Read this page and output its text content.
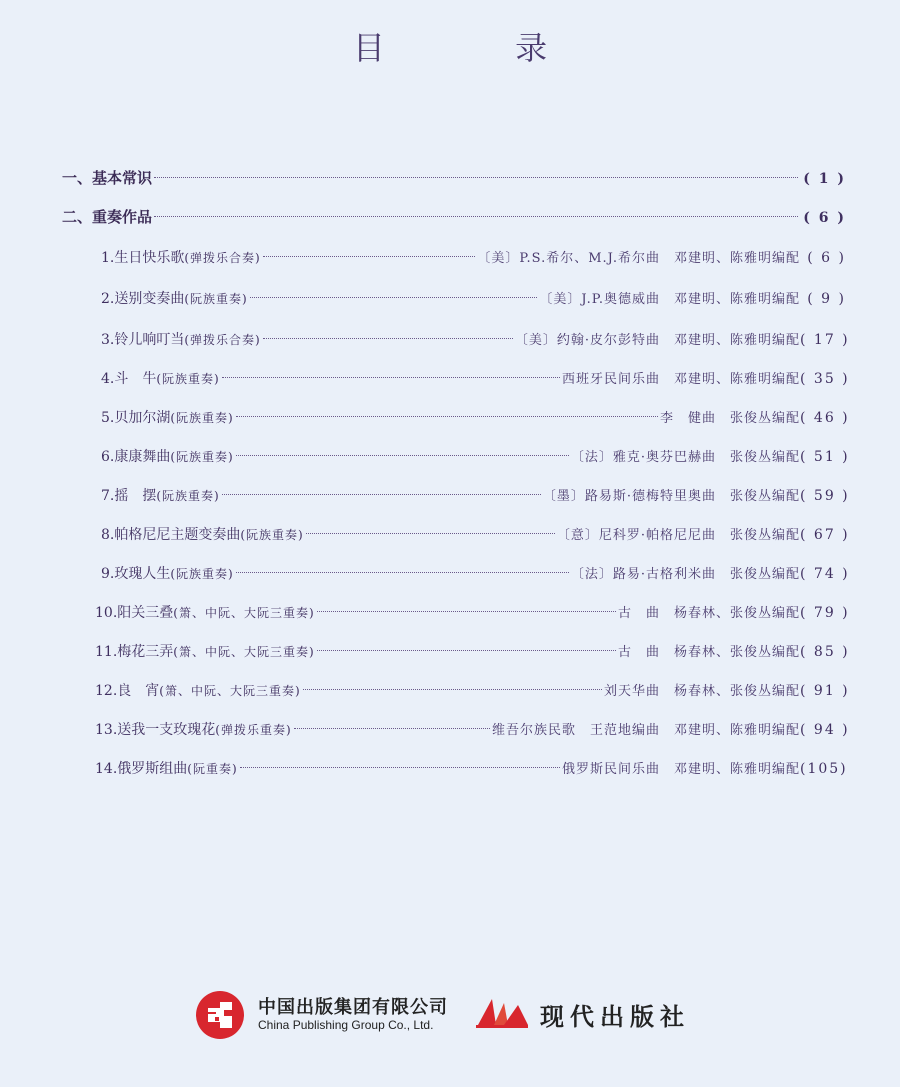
目 录
一、基本常识	( 1 )
二、重奏作品	( 6 )
1.生日快乐歌(弹拨乐合奏)	〔美〕P.S.希尔、M.J.希尔曲　邓建明、陈雅明编配 ( 6 )
2.送别变奏曲(阮族重奏)	〔美〕J.P.奥德威曲　邓建明、陈雅明编配 ( 9 )
3.铃儿响叮当(弹拨乐合奏)	〔美〕约翰·皮尔彭特曲　邓建明、陈雅明编配 ( 17 )
4.斗　牛(阮族重奏)	西班牙民间乐曲　邓建明、陈雅明编配 ( 35 )
5.贝加尔湖(阮族重奏)	李　健曲　张俊丛编配 ( 46 )
6.康康舞曲(阮族重奏)	〔法〕雅克·奥芬巴赫曲　张俊丛编配 ( 51 )
7.摇　摆(阮族重奏)	〔墨〕路易斯·德梅特里奥曲　张俊丛编配 ( 59 )
8.帕格尼尼主题变奏曲(阮族重奏)	〔意〕尼科罗·帕格尼尼曲　张俊丛编配 ( 67 )
9.玫瑰人生(阮族重奏)	〔法〕路易·古格利米曲　张俊丛编配 ( 74 )
10.阳关三叠(箫、中阮、大阮三重奏)	古　曲　杨春林、张俊丛编配 ( 79 )
11.梅花三弄(箫、中阮、大阮三重奏)	古　曲　杨春林、张俊丛编配 ( 85 )
12.良　宵(箫、中阮、大阮三重奏)	刘天华曲　杨春林、张俊丛编配 ( 91 )
13.送我一支玫瑰花(弹拨乐重奏)	维吾尔族民歌　王范地编曲　邓建明、陈雅明编配 ( 94 )
14.俄罗斯组曲(阮重奏)	俄罗斯民间乐曲　邓建明、陈雅明编配 (105)
中国出版集团有限公司
China Publishing Group Co., Ltd.	现代出版社
